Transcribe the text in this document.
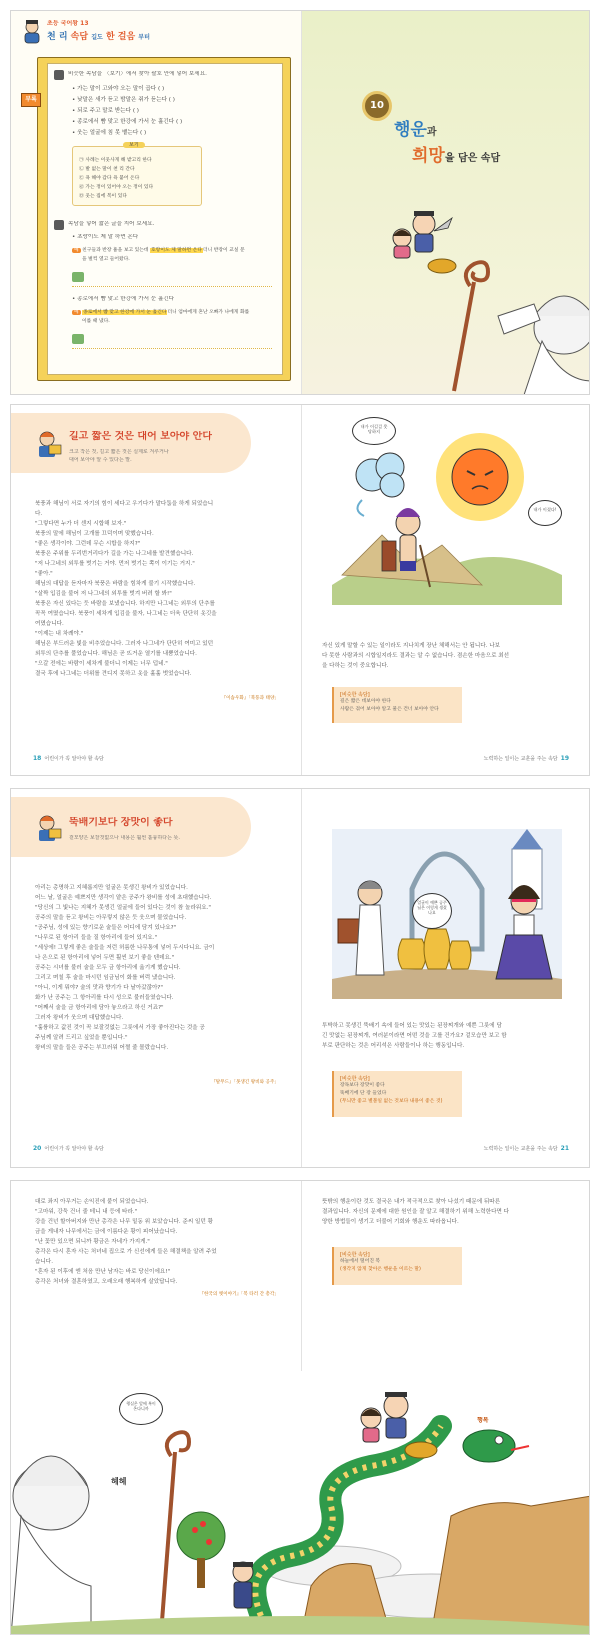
초등 국어왕 13
천 리 속담 길도 한 걸음 부터
부록
비슷한 속담을 〈보기〉에서 찾아 괄호 안에 넣어 보세요.
• 가는 말이 고와야 오는 말이 곱다 ( )
• 낮말은 새가 듣고 밤말은 쥐가 듣는다 ( )
• 되로 주고 말로 받는다 ( )
• 종로에서 뺨 맞고 한강에 가서 눈 흘긴다 ( )
• 웃는 얼굴에 침 못 뱉는다 ( )
보기
㉠ 사례는 이웃사게 해 밭고리 한다
㉡ 발 없는 말이 천 리 간다
㉢ 욕 해야 갑다 욕 붙어 온다
㉣ 가는 정이 있어야 오는 정이 있다
㉤ 웃는 집에 복이 있다
속담을 넣어 짧은 글을 지어 보세요.
• 초랑이도 제 말 하면 온다
예 친구들과 반장 흉을 보고 있는데 호랑이도 제 말하면 온다더니 반장이 교실 문
을 벌컥 열고 들어왔다.
• 종로에서 뺨 맞고 한강에 가서 눈 흘긴다
예 종로에서 뺨 맞고 한강에 가서 눈 흘긴다더니 엄마에게 혼난 오빠가 나에게 화를
이를 때 냈다.
10
행운과
희망을 담은 속담
길고 짧은 것은 대어 보아야 안다
크고 작은 것, 길고 짧은 것은 실제로 겨루거나
대어 보아야 알 수 있다는 말.

북풍과 해님이 서로 자기의 힘이 세다고 우기다가 말다툼을 하게 되었습니

다.

"그렇다면 누가 더 센지 시합해 보자."

북풍의 말에 해님이 고개를 끄덕이며 맞했습니다.

"좋은 생각이야. 그런데 무슨 시합을 하지?"

북풍은 주위를 두리번거리다가 길을 가는 나그네를 발견했습니다.

"저 나그네의 외투를 벗기는 거야. 먼저 벗기는 쪽이 이기는 거지."

"좋아."

해님의 대답을 듣자마자 북풍은 바람을 힘차게 불기 시작했습니다.

"살짝 입김을 불어 저 나그네의 외투를 벗겨 버려 할 봐!"

북풍은 자신 있다는 듯 바람을 보냈습니다. 하지만 나그네는 외투의 단추를

꼭꼭 여몄습니다. 북풍이 세차게 입김을 불자, 나그네는 더욱 단단히 옷깃을

여몄습니다.

"이제는 내 차례야."

해님은 부드러운 빛을 비추었습니다. 그러자 나그네가 단단히 여미고 있던

외투의 단추를 풀었습니다. 해님은 곧 뜨거운 열기를 내뿜었습니다.

"으갈 전에는 바람이 세차게 불더니 이제는 너무 덥네."

결국 후에 나그네는 더위를 견디지 못하고 옷을 훌훌 벗었습니다.

『이솝우화』「북풍과 태양」
18 어린이가 꼭 알아야 할 속담
내가 이길걸 못당하지
내가 이겼다!

자신 있게 말할 수 있는 일이라도 지나치게 장난 체해서는 안 됩니다. 나보

다 못한 사람과의 시합일지라도 결과는 알 수 없습니다. 겸손한 마음으로 최선

을 다하는 것이 중요합니다.

[비슷한 속담]
길은 짧은 데보아야 한다
사람은 겪어 보아야 알고 물은 건너 보아야 안다
노력하는 일이는 교훈을 주는 속담 19
뚝배기보다 장맛이 좋다
겉모양은 보잘것없으나 내용은 훨씬 훌륭하다는 뜻.

아리는 총명하고 지혜롭지만 얼굴은 못생긴 왕비가 있었습니다.

어느 날, 얼굴은 예쁘지만 생각이 얕은 공주가 왕비를 성에 초대했습니다.

"당신의 그 빛나는 지혜가 못생긴 얼굴에 들어 있다는 것이 참 놀라워요."

공주의 말을 듣고 왕비는 아무렇지 않은 듯 웃으며 물었습니다.

"공주님, 성에 있는 향기로운 술들은 어디에 담겨 있나요?"

"나무로 된 항아리 들을 질 항아리에 들어 있지요."

"세상에! 그렇게 좋은 술들을 저런 허름한 나무통에 넣어 두시다니요. 금이

나 은으로 된 항아리에 넣어 두면 훨씬 보기 좋을 텐데요."

공주는 시녀를 불러 술을 모두 금 항아리에 옮기게 했습니다.

그리고 며칠 후 술을 마시던 임금님이 화를 버럭 냈습니다.

"아니, 이게 뭐야? 술의 맛과 향기가 다 날아갔잖아?"

화가 난 공주는 그 항아리를 다시 성으로 불러들였습니다.

"어째서 술을 금 항아리에 담아 놓으라고 하신 거죠?"

그러자 왕비가 웃으며 대답했습니다.

"훌륭하고 값진 것이 꼭 보잘것없는 그릇에서 가장 좋아진다는 것을 공

주님께 알려 드리고 싶었을 뿐입니다."

왕비의 말을 들은 공주는 부끄러워 어쩔 줄 몰랐습니다.

『탈무드』「못생긴 왕비와 공주」
20 어린이가 꼭 알아야 할 속담
얼굴이 예쁜 공주님은 이렇게 생겼나요

투박하고 못생긴 뚝배기 속에 들어 있는 맛있는 된장찌개와 예쁜 그릇에 담

긴 맛없는 된장찌개, 여러분이라면 어떤 것을 고를 건가요? 겉모습만 보고 함

부로 판단하는 것은 어리석은 사람들이나 하는 행동입니다.

[비슷한 속담]
장독보다 장맛이 좋다
뚝배기에 단 장 들었다
(무늬만 좋고 별볼일 없는 것보다 내용이 좋은 것)
노력하는 일이는 교훈을 주는 속담 21

대로 좌지 아무거는 손익진에 붙이 되었습니다.

"고마워, 강둑 건너 줄 테니 내 등에 타라."

강을 건넌 할아버지와 만난 총각은 나무 밑동 위 보았습니다. 준씨 일던 황

금을 게내자 나무에서는 금에 이름다운 황이 피어났습니다.

"난 꽃만 있으면 되니까 황금은 자네가 가지게."

총각은 다시 혼자 사는 처녀네 집으로 가 신선에게 들은 해결책을 알려 주었

습니다.

"혼자 된 이후에 엔 처음 만난 남자는 바로 당신이에요!"

총각은 처녀와 결혼하였고, 오래오래 행복하게 살았답니다.

『한국의 옛이야기』「복 타러 간 총각」

뜻밖의 행운이란 것도 결국은 내가 적극적으로 찾아 나섰기 때문에 뒤따른

결과입니다. 자신의 문제에 대한 원인을 잘 알고 해결하기 위해 노력한다면 다

양한 방법들이 생기고 더불어 기회와 행운도 따라옵니다.

[비슷한 속담]
하늘에서 떨어진 복
(생각지 않게 찾아온 행운을 이르는 말)
행실은 앞에 복이 온다니까
헤헤
행복
